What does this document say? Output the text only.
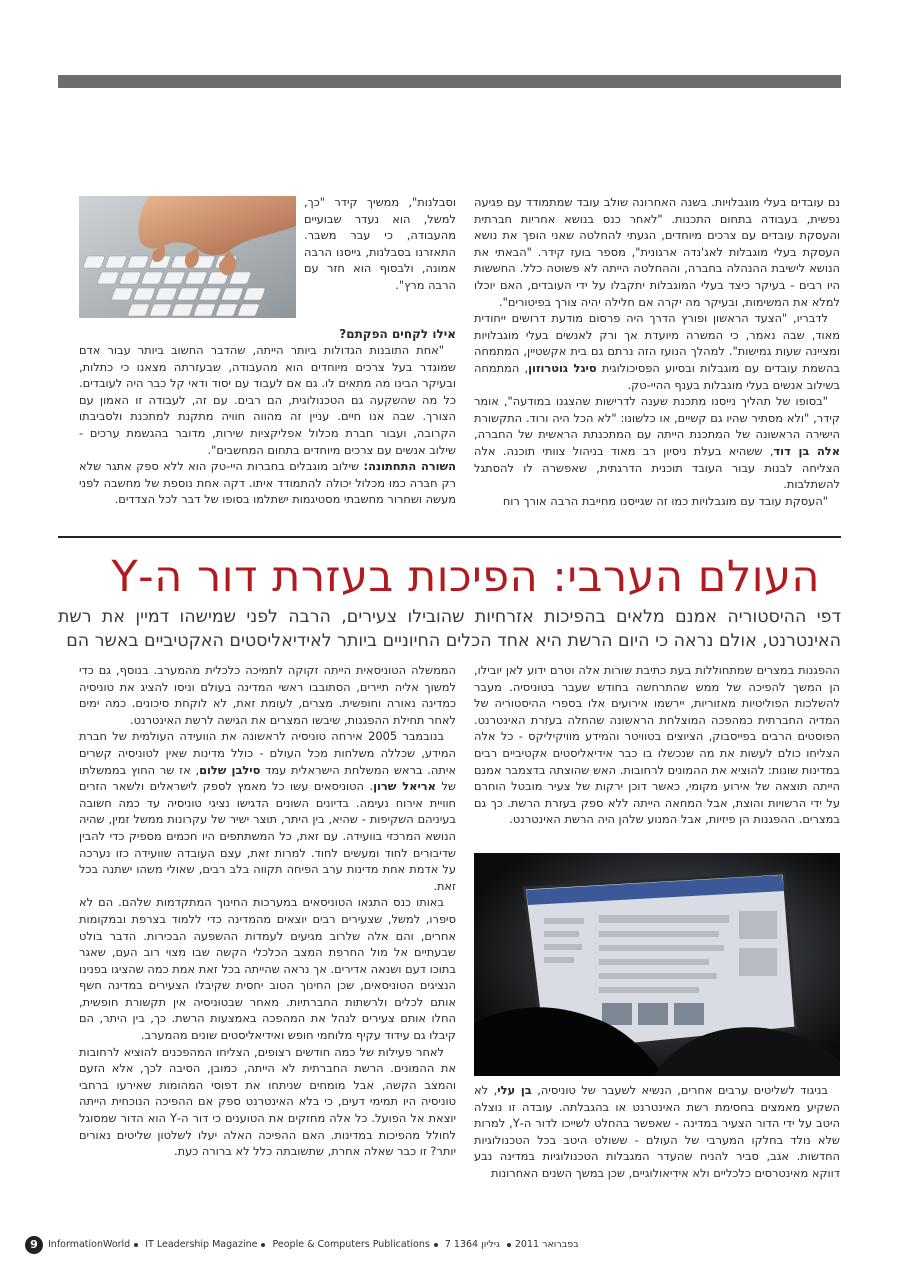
נם עובדים בעלי מוגבלויות. בשנה האחרונה שולב עובד שמתמודד עם פגיעה נפשית, בעבודה בתחום התכנות. "לאחר כנס בנושא אחריות חברתית והעסקת עובדים עם צרכים מיוחדים, הגעתי להחלטה שאני הופך את נושא העסקת בעלי מוגבלות לאג'נדה ארגונית", מספר בועז קידר. "הבאתי את הנושא לישיבת ההנהלה בחברה, וההחלטה הייתה לא פשוטה כלל. החששות היו רבים - בעיקר כיצד בעלי המוגבלות יתקבלו על ידי העובדים, האם יוכלו למלא את המשימות, ובעיקר מה יקרה אם חלילה יהיה צורך בפיטורים".

לדבריו, "הצעד הראשון ופורץ הדרך היה פרסום מודעת דרושים ייחודית מאוד, שבה נאמר, כי המשרה מיועדת אך ורק לאנשים בעלי מוגבלויות ומציינה שעות גמישות". למהלך הנועז הזה נרתם גם בית אקשטיין, המתמחה בהשמת עובדים עם מוגבלות ובסיוע הפסיכולוגית סיגל גוטרוזון, המתמחה בשילוב אנשים בעלי מוגבלות בענף ההיי-טק.

"בסופו של תהליך נייסנו מתכנת שענה לדרישות שהצגנו במודעה", אומר קידר, "ולא מסתיר שהיו גם קשיים, או כלשונו: "לא הכל היה ורוד. התקשורת הישירה הראשונה של המתכנת הייתה עם המתכנתת הראשית של החברה, אלה בן דוד, ששהיא בעלת ניסיון רב מאוד בניהול צוותי תוכנה. אלה הצליחה לבנות עבור העובד תוכנית הדרגתית, שאפשרה לו להסתגל להשתלבות.

"העסקת עובד עם מוגבלויות כמו זה שגייסנו מחייבת הרבה אורך רוח

וסבלנות", ממשיך קידר "כך, למשל, הוא נעדר שבועיים מהעבודה, כי עבר משבר. התאזרנו בסבלנות, גייסנו הרבה אמונה, ולבסוף הוא חזר עם הרבה מרץ".

אילו לקחים הפקתם?

"אחת התובנות הגדולות ביותר הייתה, שהדבר החשוב ביותר עבור אדם שמוגדר בעל צרכים מיוחדים הוא מהעבודה, שבעזרתה מצאנו כי כתלות, ובעיקר הבינו מה מתאים לו. גם אם לעבוד עם יסוד ודאי קל כבר היה לעובדים. כל מה שהשקעה גם הטכנולוגית, הם רבים. עם זה, לעבודה זו האמון עם הצורך. שבה אנו חיים. עניין זה מהווה חוויה מתקנת למתכנת ולסביבתו הקרובה, ועבור חברת מכלול אפליקציות שירות, מדובר בהגשמת ערכים - שילוב אנשים עם צרכים מיוחדים בתחום המחשבים".

השורה התחתונה: שילוב מוגבלים בחברות היי-טק הוא ללא ספק אתגר שלא רק חברה כמו מכלול יכולה להתמודד איתו. דקה אחת נוספת של מחשבה לפני מעשה ושחרור מחשבתי מסטיגמות ישתלמו בסופו של דבר לכל הצדדים.

העולם הערבי: הפיכות בעזרת דור ה-Y
דפי ההיסטוריה אמנם מלאים בהפיכות אזרחיות שהובילו צעירים, הרבה לפני שמישהו דמיין את רשת האינטרנט, אולם נראה כי היום הרשת היא אחד הכלים החיוניים ביותר לאידיאליסטים האקטיביים באשר הם

ההפגנות במצרים שמתחוללות בעת כתיבת שורות אלה וטרם ידוע לאן יובילו, הן המשך להפיכה של ממש שהתרחשה בחודש שעבר בטוניסיה. מעבר להשלכות הפוליטיות מאזוריות, יירשמו אירועים אלו בספרי ההיסטוריה של המדיה החברתית כמהפכה המוצלחת הראשונה שהחלה בעזרת האינטרנט. הפוסטים הרבים בפייסבוק, הציוצים בטוויטר והמידע מוויקיליקס - כל אלה הצליחו כולם לעשות את מה שנכשלו בו כבר אידיאליסטים אקטיביים רבים במדינות שונות: להוציא את ההמונים לרחובות. האש שהוצתה בדצמבר אמנם הייתה תוצאה של אירוע מקומי, כאשר דוכן ירקות של צעיר מובטל הוחרם על ידי הרשויות והוצת, אבל המחאה הייתה ללא ספק בעזרת הרשת. כך גם במצרים. ההפגנות הן פיזיות, אבל המנוע שלהן היה הרשת האינטרנט.

בניגוד לשליטים ערבים אחרים, הנשיא לשעבר של טוניסיה, בן עלי, לא השקיע מאמצים בחסימת רשת האינטרנט או בהגבלתה. עובדה זו נוצלה היטב על ידי הדור הצעיר במדינה - שאפשר בהחלט לשייכו לדור ה-Y, למרות שלא נולד בחלקו המערבי של העולם - ששולט היטב בכל הטכנולוגיות החדשות. אגב, סביר להניח שהעדר המגבלות הטכנולוגיות במדינה נבע דווקא מאינטרסים כלכליים ולא אידיאולוגיים, שכן במשך השנים האחרונות

הממשלה הטוניסאית הייתה זקוקה לתמיכה כלכלית מהמערב. בנוסף, גם כדי למשוך אליה תיירים, הסתובבו ראשי המדינה בעולם וניסו להציג את טוניסיה כמדינה נאורה וחופשית. מצרים, לעומת זאת, לא לוקחת סיכונים. כמה ימים לאחר תחילת ההפגנות, שיבשו המצרים את הגישה לרשת האינטרנט.

בנובמבר 2005 אירחה טוניסיה לראשונה את הוועידה העולמית של חברת המידע, שכללה משלחות מכל העולם - כולל מדינות שאין לטוניסיה קשרים איתה. בראש המשלחת הישראלית עמד סילבן שלום, אז שר החוץ בממשלתו של אריאל שרון. הטוניסאים עשו כל מאמץ לספק לישראלים ולשאר הזרים חוויית אירוח נעימה. בדיונים השונים הדגישו נציגי טוניסיה עד כמה חשובה בעיניהם השקיפות - שהיא, בין היתר, תוצר ישיר של עקרונות ממשל זמין, שהיה הנושא המרכזי בוועידה. עם זאת, כל המשתתפים היו חכמים מספיק כדי להבין שדיבורים לחוד ומעשים לחוד. למרות זאת, עצם העובדה שוועידה כזו נערכה על אדמת אחת מדינות ערב הפיחה תקווה בלב רבים, שאולי משהו ישתנה בכל זאת.

באותו כנס התגאו הטוניסאים במערכות החינוך המתקדמות שלהם. הם לא סיפרו, למשל, שצעירים רבים יוצאים מהמדינה כדי ללמוד בצרפת ובמקומות אחרים, והם אלה שלרוב מגיעים לעמדות ההשפעה הבכירות. הדבר בולט שבעתיים אל מול החרפת המצב הכלכלי הקשה שבו מצוי רוב העם, שאגר בתוכו דעם ושנאה אדירים. אך נראה שהייתה בכל זאת אמת כמה שהציגו בפנינו הנציגים הטוניסאים, שכן החינוך הטוב יחסית שקיבלו הצעירים במדינה חשף אותם לכלים ולרשתות החברתיות. מאחר שבטוניסיה אין תקשורת חופשית, החלו אותם צעירים לנהל את המהפכה באמצעות הרשת. כך, בין היתר, הם קיבלו גם עידוד עקיף מלוחמי חופש ואידיאליסטים שונים מהמערב.

לאחר פעילות של כמה חודשים רצופים, הצליחו המהפכנים להוציא לרחובות את ההמונים. הרשת החברתית לא הייתה, כמובן, הסיבה לכך, אלא הזעם והמצב הקשה, אבל מומחים שניתחו את דפוסי המהומות שאירעו ברחבי טוניסיה היו תמימי דעים, כי בלא האינטרנט ספק אם ההפיכה הנוכחית הייתה יוצאת אל הפועל. כל אלה מחזקים את הטוענים כי דור ה-Y הוא הדור שמסוגל לחולל מהפיכות במדינות. האם ההפיכה האלה יעלו לשלטון שליטים נאורים יותר? זו כבר שאלה אחרת, שתשובתה כלל לא ברורה כעת.

9	InformationWorld IT Leadership Magazine People & Computers Publications 7 בפברואר 2011 גיליון 1364
